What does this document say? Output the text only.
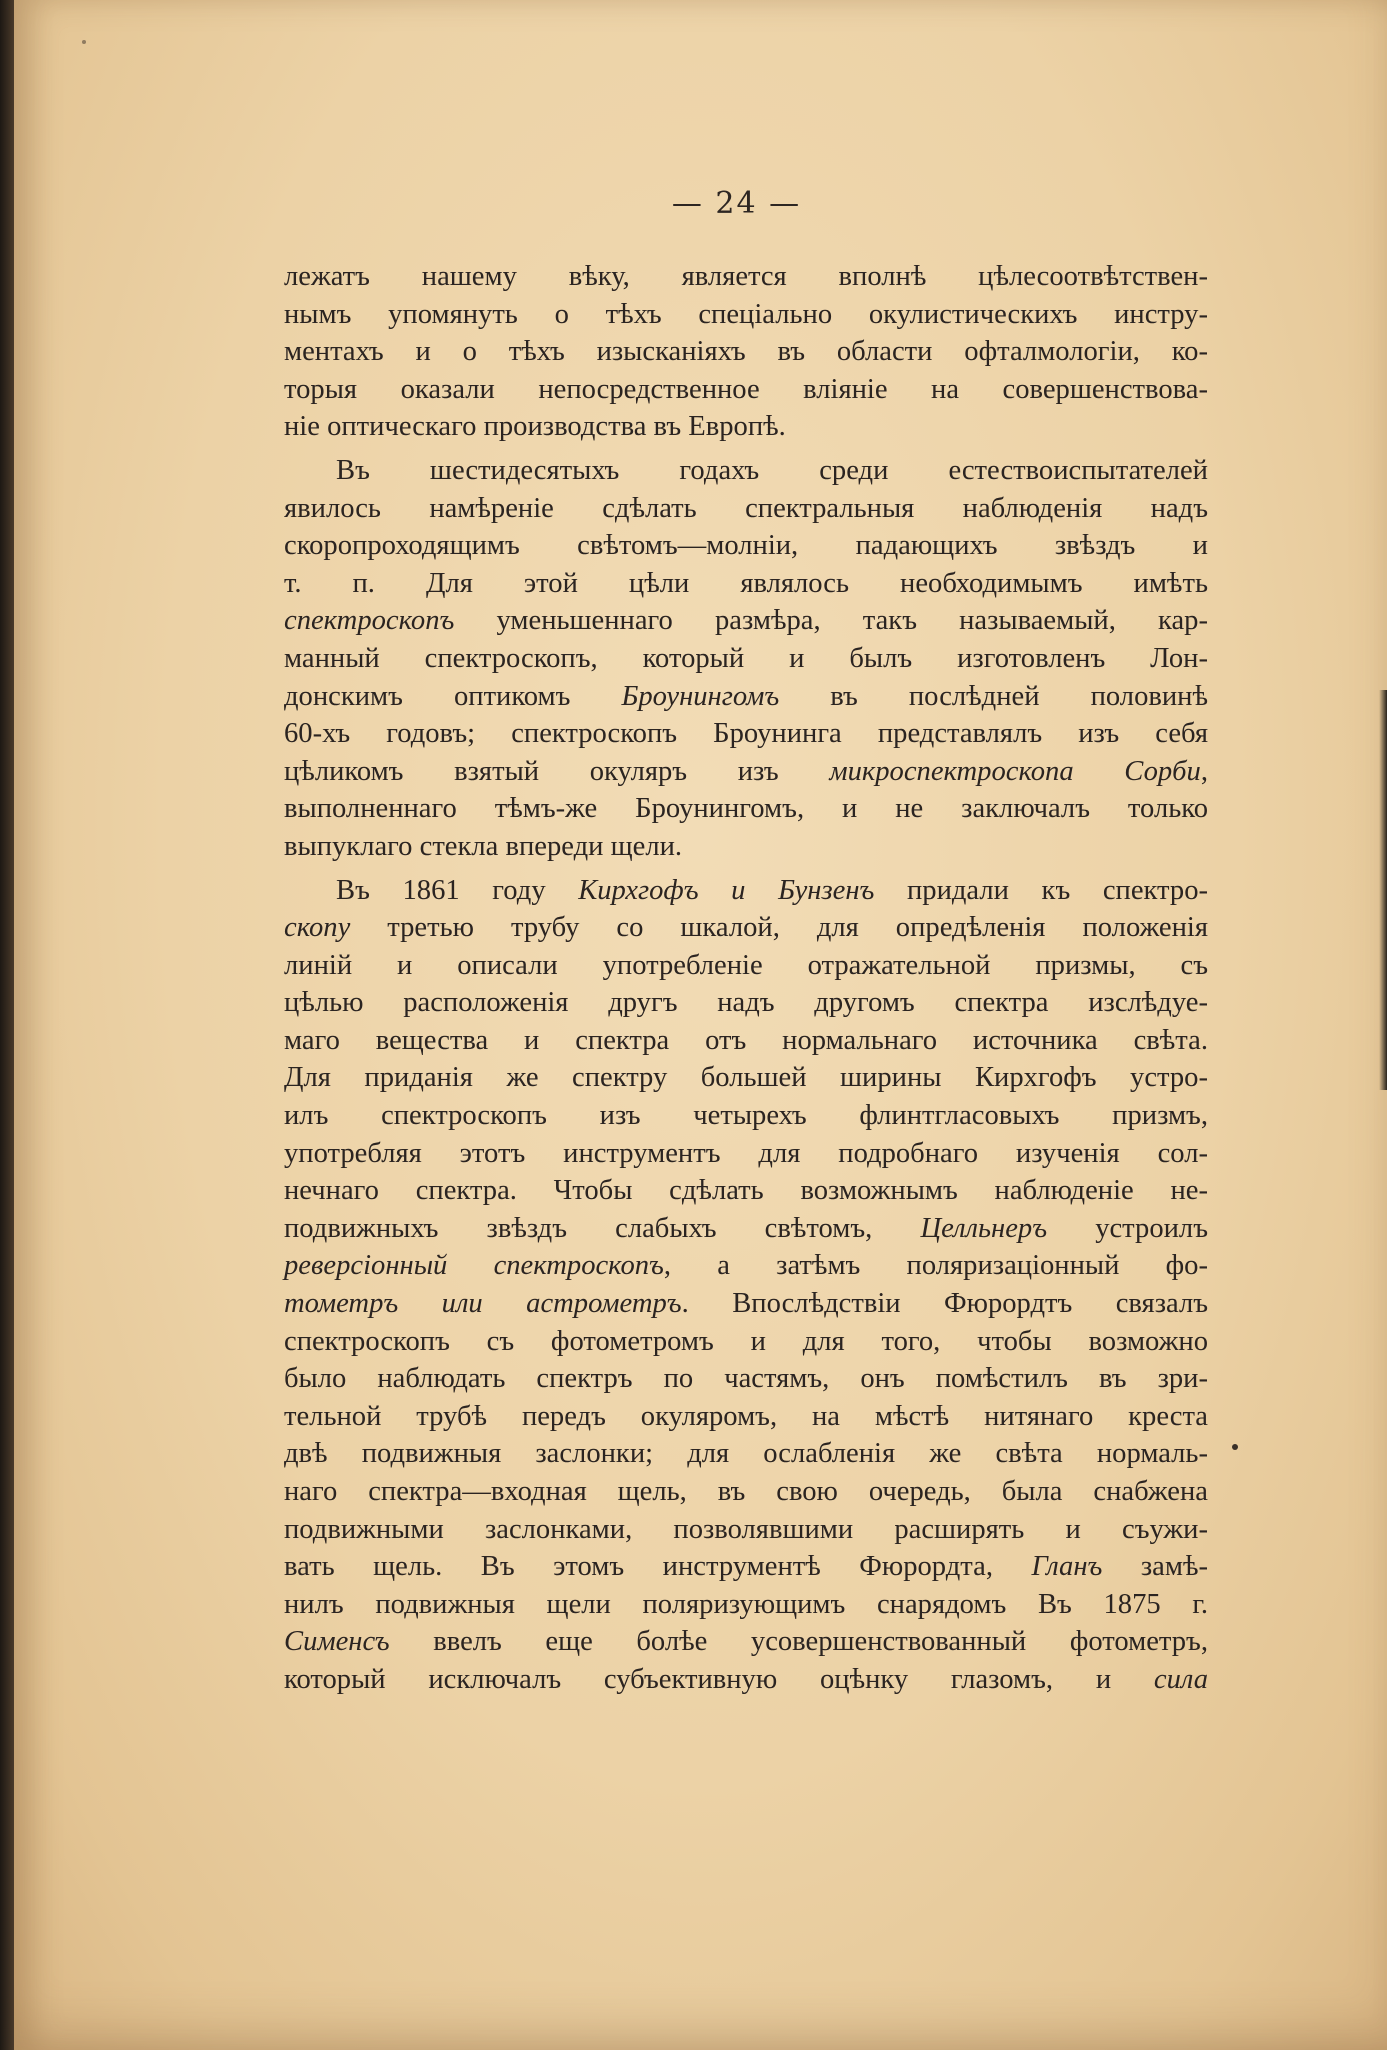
— 24 —
лежатъ нашему вѣку, является вполнѣ цѣлесоотвѣтствен-
нымъ упомянуть о тѣхъ спеціально окулистическихъ инстру-
ментахъ и о тѣхъ изысканіяхъ въ области офталмологіи, ко-
торыя оказали непосредственное вліяніе на совершенствова-
ніе оптическаго производства въ Европѣ.
Въ шестидесятыхъ годахъ среди естествоиспытателей
явилось намѣреніе сдѣлать спектральныя наблюденія надъ
скоропроходящимъ свѣтомъ—молніи, падающихъ звѣздъ и
т. п. Для этой цѣли являлось необходимымъ имѣть
спектроскопъ уменьшеннаго размѣра, такъ называемый, кар-
манный спектроскопъ, который и былъ изготовленъ Лон-
донскимъ оптикомъ Броунингомъ въ послѣдней половинѣ
60-хъ годовъ; спектроскопъ Броунинга представлялъ изъ себя
цѣликомъ взятый окуляръ изъ микроспектроскопа Сорби,
выполненнаго тѣмъ-же Броунингомъ, и не заключалъ только
выпуклаго стекла впереди щели.
Въ 1861 году Кирхгофъ и Бунзенъ придали къ спектро-
скопу третью трубу со шкалой, для опредѣленія положенія
линій и описали употребленіе отражательной призмы, съ
цѣлью расположенія другъ надъ другомъ спектра изслѣдуе-
маго вещества и спектра отъ нормальнаго источника свѣта.
Для приданія же спектру большей ширины Кирхгофъ устро-
илъ спектроскопъ изъ четырехъ флинтгласовыхъ призмъ,
употребляя этотъ инструментъ для подробнаго изученія сол-
нечнаго спектра. Чтобы сдѣлать возможнымъ наблюденіе не-
подвижныхъ звѣздъ слабыхъ свѣтомъ, Целльнеръ устроилъ
реверсіонный спектроскопъ, а затѣмъ поляризаціонный фо-
тометръ или астрометръ. Впослѣдствіи Фюрордтъ связалъ
спектроскопъ съ фотометромъ и для того, чтобы возможно
было наблюдать спектръ по частямъ, онъ помѣстилъ въ зри-
тельной трубѣ передъ окуляромъ, на мѣстѣ нитянаго креста
двѣ подвижныя заслонки; для ослабленія же свѣта нормаль-
наго спектра—входная щель, въ свою очередь, была снабжена
подвижными заслонками, позволявшими расширять и съужи-
вать щель. Въ этомъ инструментѣ Фюрордта, Гланъ замѣ-
нилъ подвижныя щели поляризующимъ снарядомъ Въ 1875 г.
Сименсъ ввелъ еще болѣе усовершенствованный фотометръ,
который исключалъ субъективную оцѣнку глазомъ, и сила
